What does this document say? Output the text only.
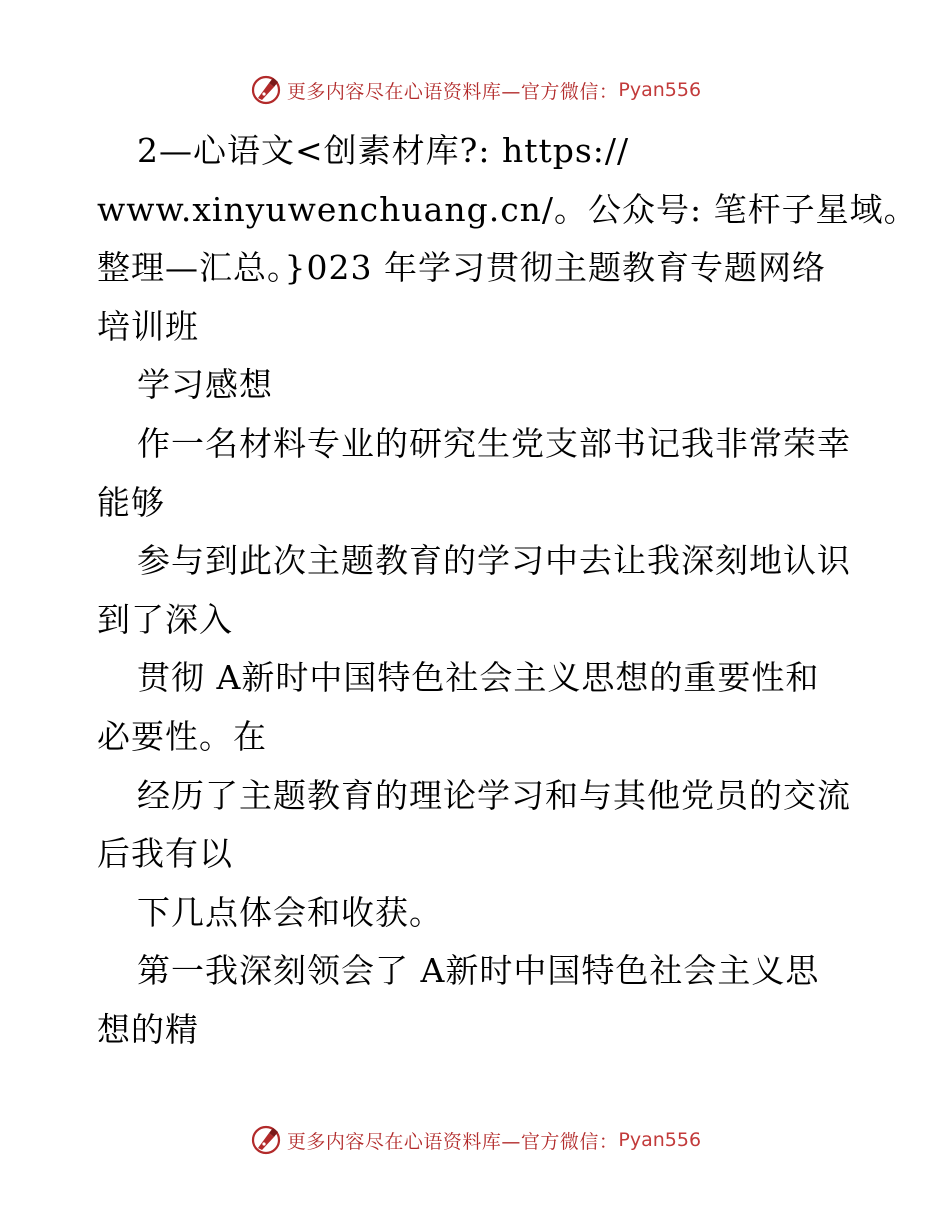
更多内容尽在心语资料库—官方微信： Pyan556

2—心语文<创素材库?: https://

www.xinyuwenchuang.cn/。公众号: 笔杆子星域。

整理—汇总。}023 年学习贯彻主题教育专题网络

培训班

学习感想

作一名材料专业的研究生党支部书记我非常荣幸

能够

参与到此次主题教育的学习中去让我深刻地认识

到了深入

贯彻 A新时中国特色社会主义思想的重要性和

必要性。在

经历了主题教育的理论学习和与其他党员的交流

后我有以

下几点体会和收获。

第一我深刻领会了 A新时中国特色社会主义思

想的精

更多内容尽在心语资料库—官方微信： Pyan556
